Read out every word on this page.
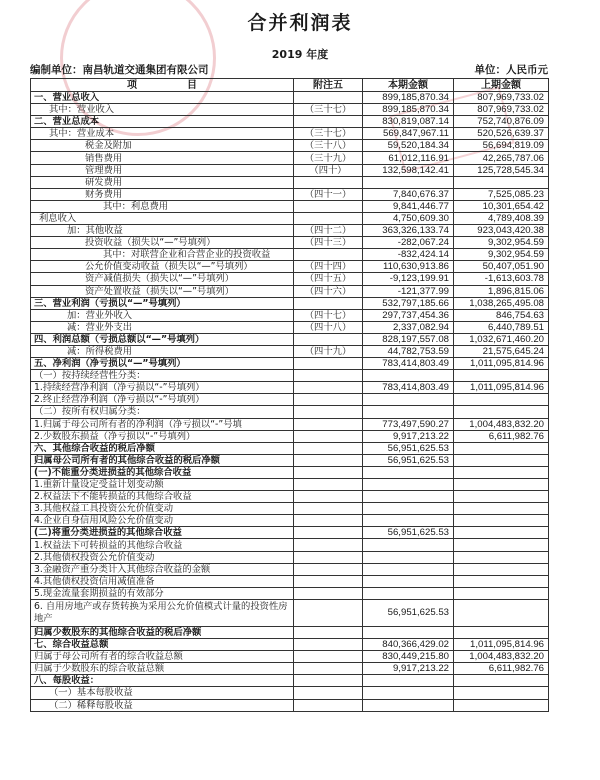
合并利润表
2019 年度
编制单位：南昌轨道交通集团有限公司	单位：人民币元
项　　　　　目	附注五	本期金额	上期金额
一、营业总收入		899,185,870.34	807,969,733.02
其中：营业收入	（三十七）	899,185,870.34	807,969,733.02
二、营业总成本		830,819,087.14	752,740,876.09
其中：营业成本	（三十七）	569,847,967.11	520,526,639.37
税金及附加	（三十八）	59,520,184.34	56,694,819.09
销售费用	（三十九）	61,012,116.91	42,265,787.06
管理费用	（四十）	132,598,142.41	125,728,545.34
研发费用			
财务费用	（四十一）	7,840,676.37	7,525,085.23
其中：利息费用		9,841,446.77	10,301,654.42
利息收入		4,750,609.30	4,789,408.39
加：其他收益	（四十二）	363,326,133.74	923,043,420.38
投资收益（损失以“—”号填列）	（四十三）	-282,067.24	9,302,954.59
其中：对联营企业和合营企业的投资收益		-832,424.14	9,302,954.59
公允价值变动收益（损失以“—”号填列）	（四十四）	110,630,913.86	50,407,051.90
资产减值损失（损失以“—”号填列）	（四十五）	-9,123,199.91	-1,613,603.78
资产处置收益（损失以“—”号填列）	（四十六）	-121,377.99	1,896,815.06
三、营业利润（亏损以“—”号填列）		532,797,185.66	1,038,265,495.08
加：营业外收入	（四十七）	297,737,454.36	846,754.63
减：营业外支出	（四十八）	2,337,082.94	6,440,789.51
四、利润总额（亏损总额以“—”号填列）		828,197,557.08	1,032,671,460.20
减：所得税费用	（四十九）	44,782,753.59	21,575,645.24
五、净利润（净亏损以“—”号填列）		783,414,803.49	1,011,095,814.96
（一）按持续经营性分类：			
1.持续经营净利润（净亏损以“-”号填列）		783,414,803.49	1,011,095,814.96
2.终止经营净利润（净亏损以“-”号填列）			
（二）按所有权归属分类：			
1.归属于母公司所有者的净利润（净亏损以“-”号填		773,497,590.27	1,004,483,832.20
2.少数股东损益（净亏损以“-”号填列）		9,917,213.22	6,611,982.76
六、其他综合收益的税后净额		56,951,625.53	
归属母公司所有者的其他综合收益的税后净额		56,951,625.53	
(一)不能重分类进损益的其他综合收益			
1.重新计量设定受益计划变动额			
2.权益法下不能转损益的其他综合收益			
3.其他权益工具投资公允价值变动			
4.企业自身信用风险公允价值变动			
(二)将重分类进损益的其他综合收益		56,951,625.53	
1.权益法下可转损益的其他综合收益			
2.其他债权投资公允价值变动			
3.金融资产重分类计入其他综合收益的金额			
4.其他债权投资信用减值准备			
5.现金流量套期损益的有效部分			
6. 自用房地产或存货转换为采用公允价值模式计量的投资性房地产		56,951,625.53	
归属少数股东的其他综合收益的税后净额			
七、综合收益总额		840,366,429.02	1,011,095,814.96
归属于母公司所有者的综合收益总额		830,449,215.80	1,004,483,832.20
归属于少数股东的综合收益总额		9,917,213.22	6,611,982.76
八、每股收益：			
（一）基本每股收益			
（二）稀释每股收益			
